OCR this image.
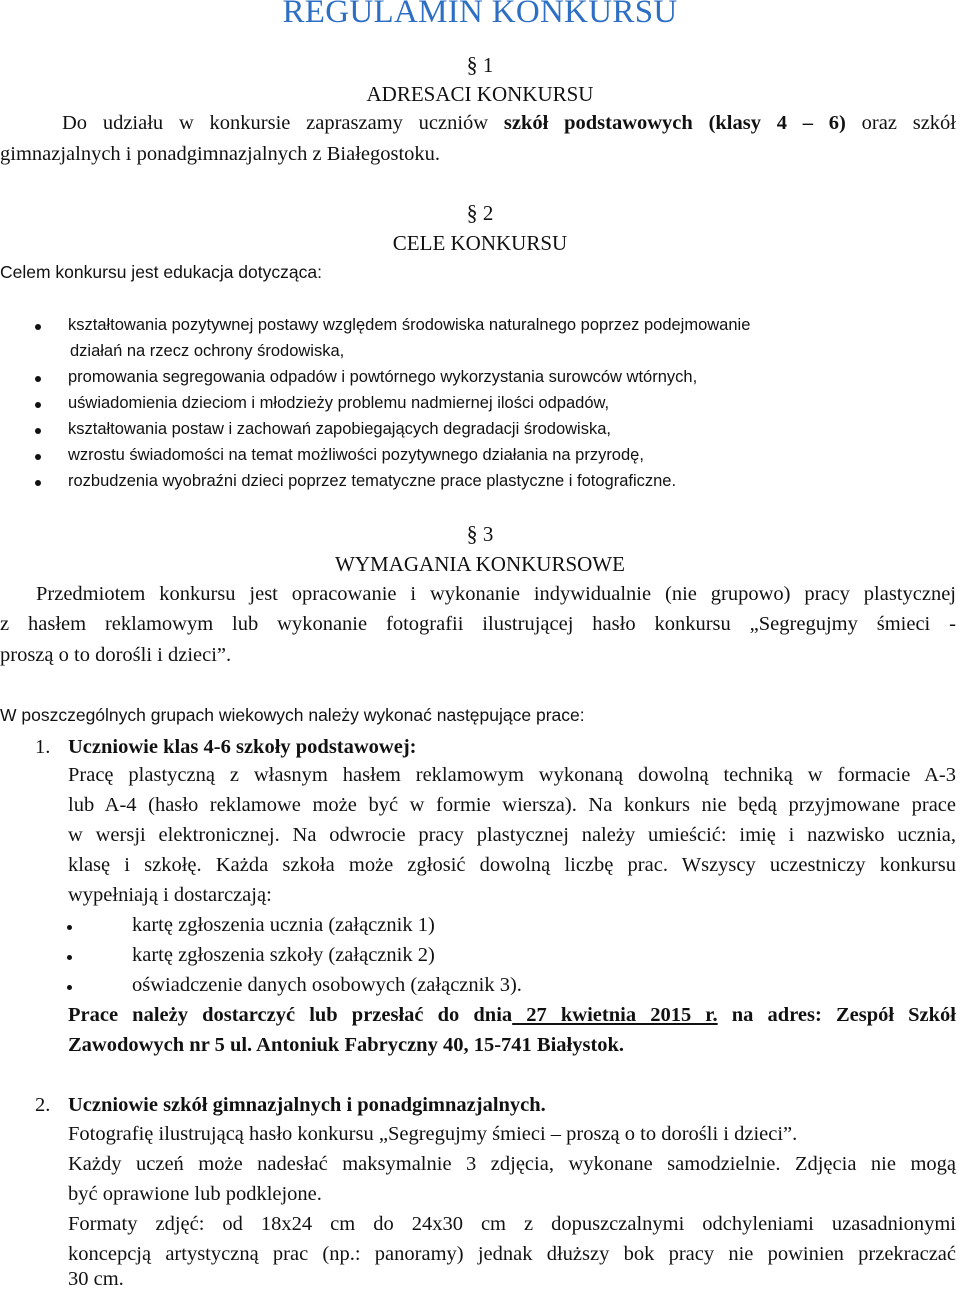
REGULAMIN KONKURSU
§ 1
ADRESACI KONKURSU
Do udziału w konkursie zapraszamy uczniów szkół podstawowych (klasy 4 – 6) oraz szkół
gimnazjalnych i ponadgimnazjalnych z Białegostoku.
§ 2
CELE KONKURSU
Celem konkursu jest edukacja dotycząca:
kształtowania pozytywnej postawy względem środowiska naturalnego poprzez podejmowanie
działań na rzecz ochrony środowiska,
promowania segregowania odpadów i powtórnego wykorzystania surowców wtórnych,
uświadomienia dzieciom i młodzieży problemu nadmiernej ilości odpadów,
kształtowania postaw i zachowań zapobiegających degradacji środowiska,
wzrostu świadomości na temat możliwości pozytywnego działania na przyrodę,
rozbudzenia wyobraźni dzieci poprzez tematyczne prace plastyczne i fotograficzne.
§ 3
WYMAGANIA KONKURSOWE
Przedmiotem konkursu jest opracowanie i wykonanie indywidualnie (nie grupowo) pracy plastycznej
z hasłem reklamowym lub wykonanie fotografii ilustrującej hasło konkursu „Segregujmy śmieci -
proszą o to dorośli i dzieci”.
W poszczególnych grupach wiekowych należy wykonać następujące prace:
1. Uczniowie klas 4-6 szkoły podstawowej:
Pracę plastyczną z własnym hasłem reklamowym wykonaną dowolną techniką w formacie A-3
lub A-4 (hasło reklamowe może być w formie wiersza). Na konkurs nie będą przyjmowane prace
w wersji elektronicznej. Na odwrocie pracy plastycznej należy umieścić: imię i nazwisko ucznia,
klasę i szkołę. Każda szkoła może zgłosić dowolną liczbę prac. Wszyscy uczestniczy konkursu
wypełniają i dostarczają:
kartę zgłoszenia ucznia (załącznik 1)
kartę zgłoszenia szkoły (załącznik 2)
oświadczenie danych osobowych (załącznik 3).
Prace należy dostarczyć lub przesłać do dnia 27 kwietnia 2015 r. na adres: Zespół Szkół
Zawodowych nr 5 ul. Antoniuk Fabryczny 40, 15-741 Białystok.
2. Uczniowie szkół gimnazjalnych i ponadgimnazjalnych.
Fotografię ilustrującą hasło konkursu „Segregujmy śmieci – proszą o to dorośli i dzieci”.
Każdy uczeń może nadesłać maksymalnie 3 zdjęcia, wykonane samodzielnie. Zdjęcia nie mogą
być oprawione lub podklejone.
Formaty zdjęć: od 18x24 cm do 24x30 cm z dopuszczalnymi odchyleniami uzasadnionymi
koncepcją artystyczną prac (np.: panoramy) jednak dłuższy bok pracy nie powinien przekraczać
30 cm.
